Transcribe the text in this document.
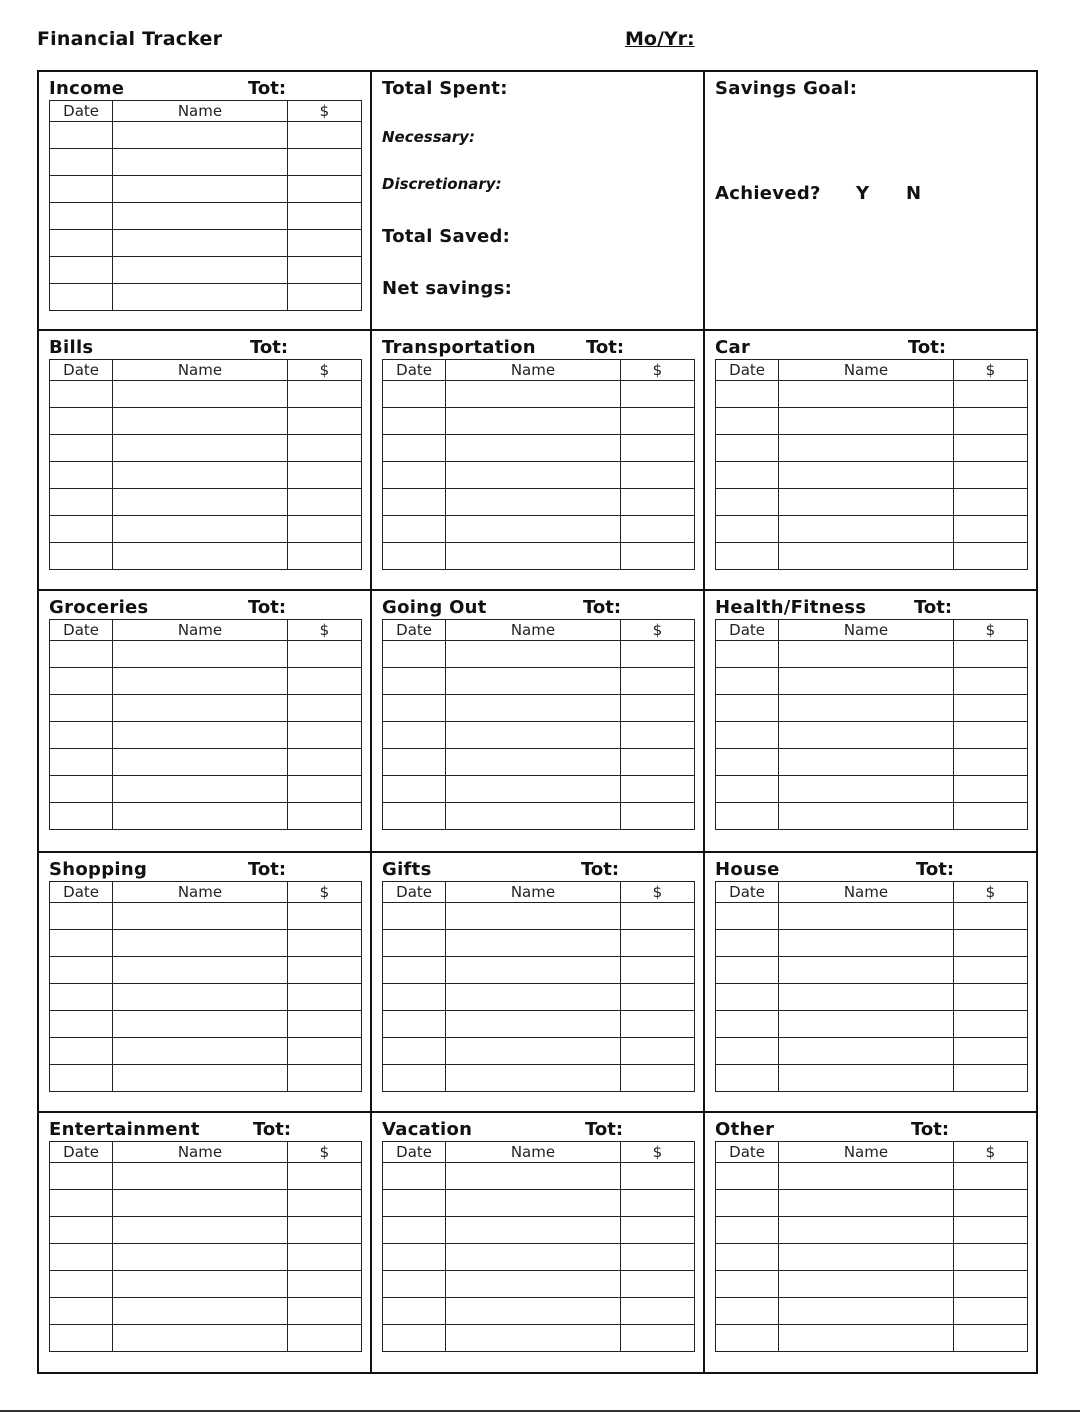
Financial Tracker	Mo/Yr:
Income	Tot:
Date	Name	$

Total Spent:
Necessary:
Discretionary:
Total Saved:
Net savings:
Savings Goal:
Achieved? Y N
Bills	Tot:
Date	Name	$

Transportation	Tot:
Date	Name	$

Car	Tot:
Date	Name	$

Groceries	Tot:
Date	Name	$

Going Out	Tot:
Date	Name	$

Health/Fitness	Tot:
Date	Name	$

Shopping	Tot:
Date	Name	$

Gifts	Tot:
Date	Name	$

House	Tot:
Date	Name	$

Entertainment	Tot:
Date	Name	$

Vacation	Tot:
Date	Name	$

Other	Tot:
Date	Name	$
